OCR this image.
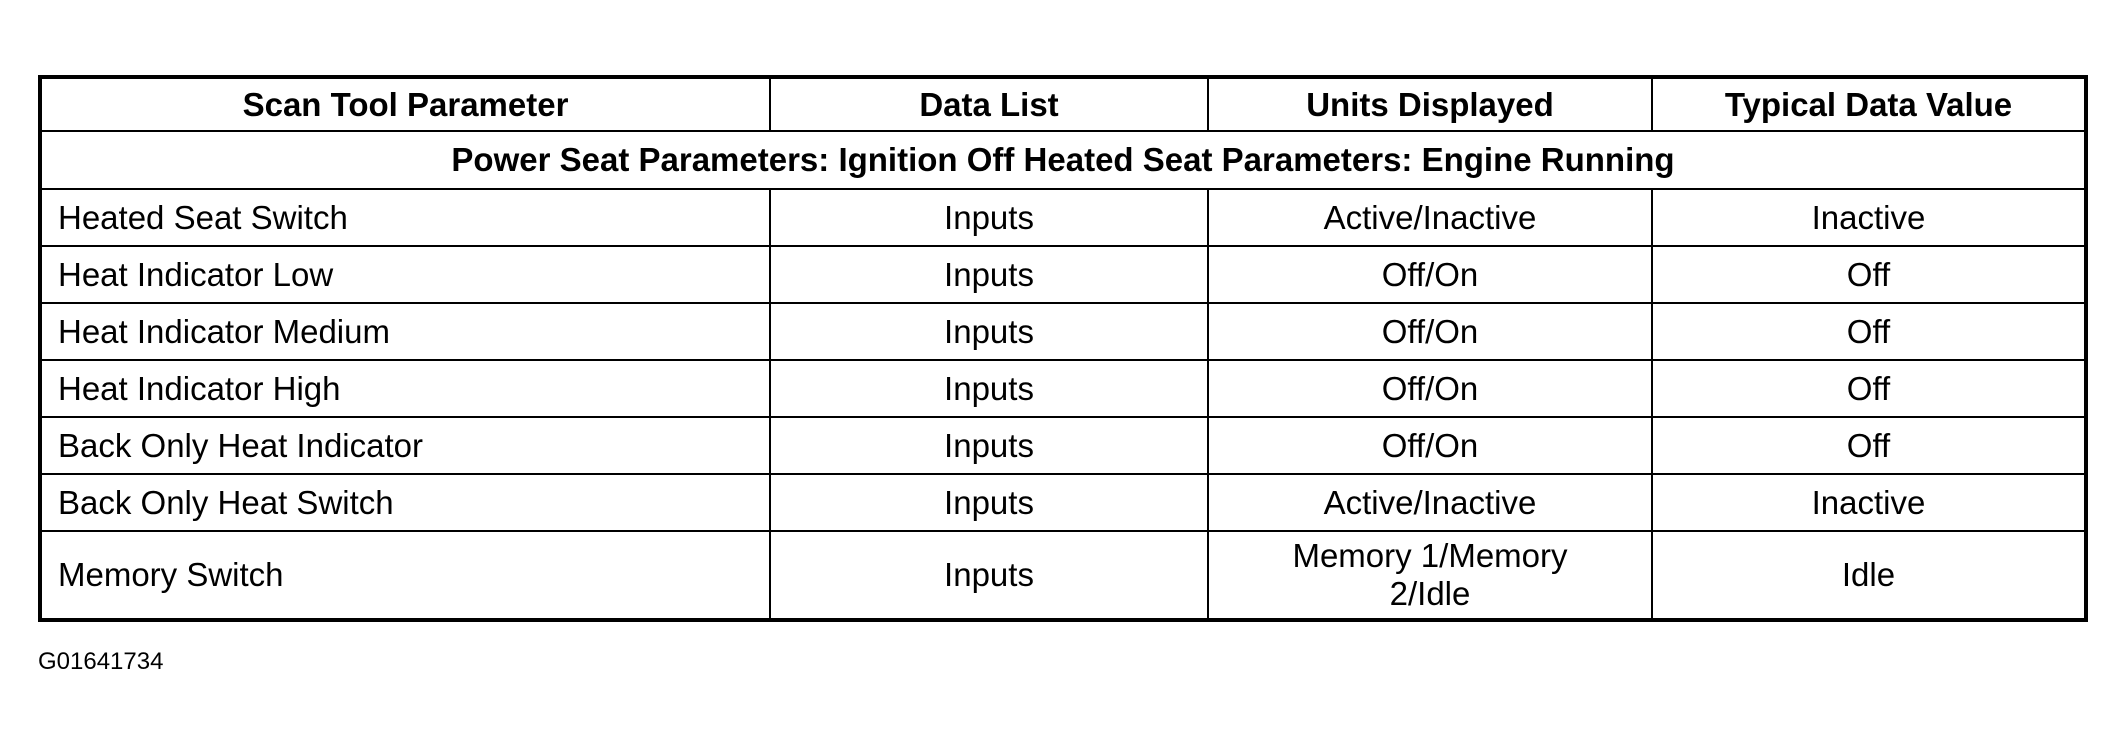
Scan Tool Parameter	Data List	Units Displayed	Typical Data Value
Power Seat Parameters: Ignition Off Heated Seat Parameters: Engine Running			
Heated Seat Switch	Inputs	Active/Inactive	Inactive
Heat Indicator Low	Inputs	Off/On	Off
Heat Indicator Medium	Inputs	Off/On	Off
Heat Indicator High	Inputs	Off/On	Off
Back Only Heat Indicator	Inputs	Off/On	Off
Back Only Heat Switch	Inputs	Active/Inactive	Inactive
Memory Switch	Inputs	Memory 1/Memory 2/Idle	Idle
G01641734
